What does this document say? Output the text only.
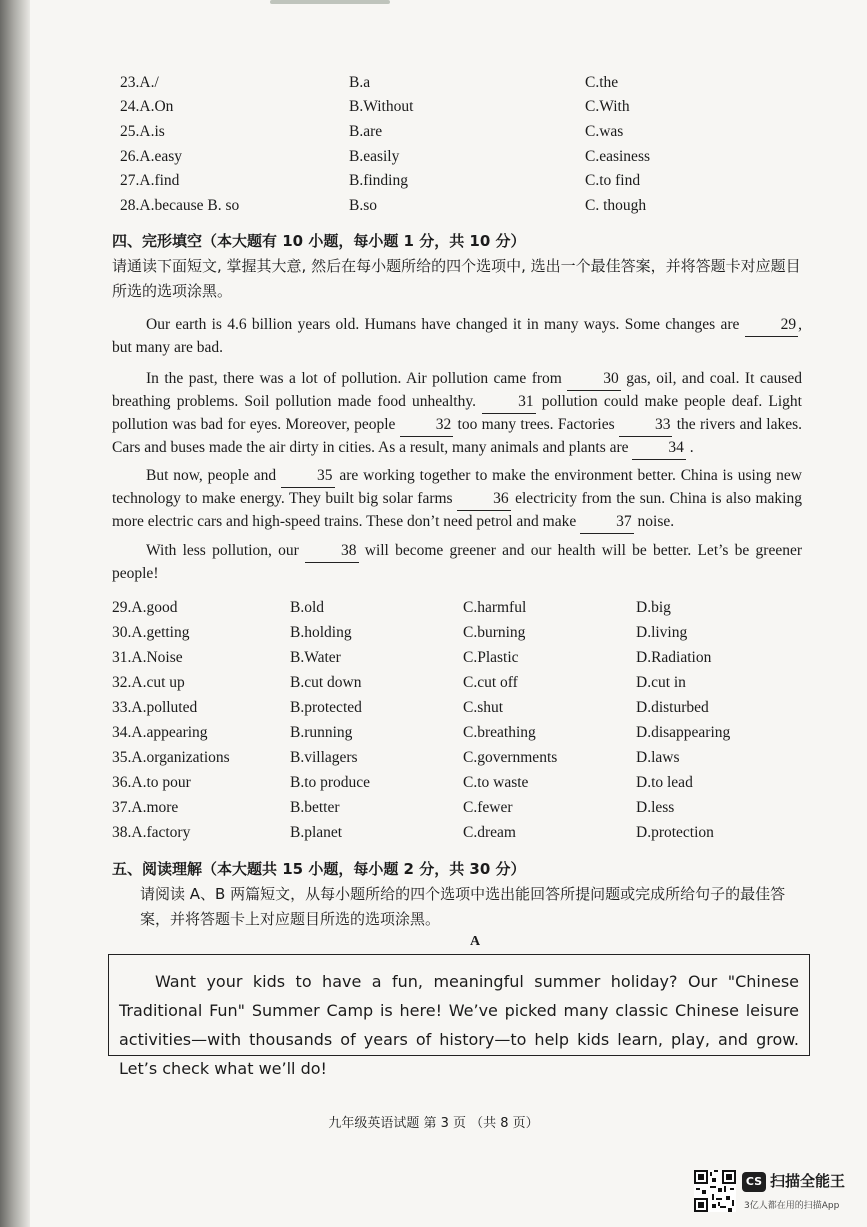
23.A./	B.a	C.the
24.A.On	B.Without	C.With
25.A.is	B.are	C.was
26.A.easy	B.easily	C.easiness
27.A.find	B.finding	C.to find
28.A.because B. so	B.so	C. though
四、完形填空（本大题有 10 小题，每小题 1 分，共 10 分）
请通读下面短文, 掌握其大意, 然后在每小题所给的四个选项中, 选出一个最佳答案，并将答题卡对应题目所选的选项涂黑。
Our earth is 4.6 billion years old. Humans have changed it in many ways. Some changes are 29 , but many are bad.
In the past, there was a lot of pollution. Air pollution came from 30 gas, oil, and coal. It caused breathing problems. Soil pollution made food unhealthy. 31 pollution could make people deaf. Light pollution was bad for eyes. Moreover, people 32 too many trees. Factories 33 the rivers and lakes. Cars and buses made the air dirty in cities. As a result, many animals and plants are 34 .
But now, people and 35 are working together to make the environment better. China is using new technology to make energy. They built big solar farms 36 electricity from the sun. China is also making more electric cars and high-speed trains. These don’t need petrol and make 37 noise.
With less pollution, our 38 will become greener and our health will be better. Let’s be greener people!
29.A.good	B.old	C.harmful	D.big
30.A.getting	B.holding	C.burning	D.living
31.A.Noise	B.Water	C.Plastic	D.Radiation
32.A.cut up	B.cut down	C.cut off	D.cut in
33.A.polluted	B.protected	C.shut	D.disturbed
34.A.appearing	B.running	C.breathing	D.disappearing
35.A.organizations	B.villagers	C.governments	D.laws
36.A.to pour	B.to produce	C.to waste	D.to lead
37.A.more	B.better	C.fewer	D.less
38.A.factory	B.planet	C.dream	D.protection
五、阅读理解（本大题共 15 小题，每小题 2 分，共 30 分）
请阅读 A、B 两篇短文，从每小题所给的四个选项中选出能回答所提问题或完成所给句子的最佳答案，并将答题卡上对应题目所选的选项涂黑。
A
Want your kids to have a fun, meaningful summer holiday? Our "Chinese Traditional Fun" Summer Camp is here! We’ve picked many classic Chinese leisure activities—with thousands of years of history—to help kids learn, play, and grow. Let’s check what we’ll do!
九年级英语试题 第 3 页 （共 8 页）
CS 扫描全能王
3亿人都在用的扫描App
